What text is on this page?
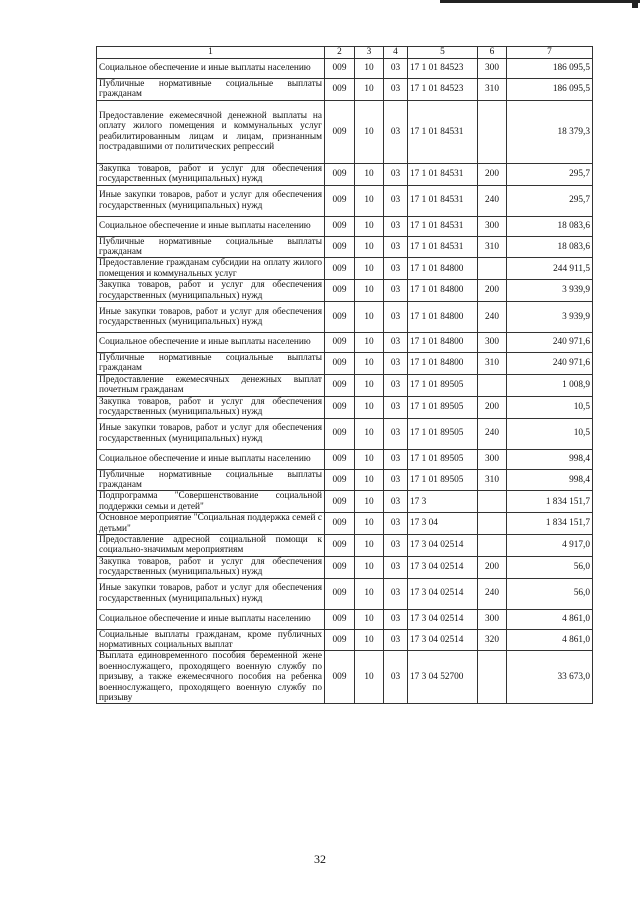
1	2	3	4	5	6	7
Социальное обеспечение и иные выплаты населению	009	10	03	17 1 01 84523	300	186 095,5
Публичные нормативные социальные выплаты гражданам	009	10	03	17 1 01 84523	310	186 095,5
Предоставление ежемесячной денежной выплаты на оплату жилого помещения и коммунальных услуг реабилитированным лицам и лицам, признанным пострадавшими от политических репрессий	009	10	03	17 1 01 84531		18 379,3
Закупка товаров, работ и услуг для обеспечения государственных (муниципальных) нужд	009	10	03	17 1 01 84531	200	295,7
Иные закупки товаров, работ и услуг для обеспечения государственных (муниципальных) нужд	009	10	03	17 1 01 84531	240	295,7
Социальное обеспечение и иные выплаты населению	009	10	03	17 1 01 84531	300	18 083,6
Публичные нормативные социальные выплаты гражданам	009	10	03	17 1 01 84531	310	18 083,6
Предоставление гражданам субсидии на оплату жилого помещения и коммунальных услуг	009	10	03	17 1 01 84800		244 911,5
Закупка товаров, работ и услуг для обеспечения государственных (муниципальных) нужд	009	10	03	17 1 01 84800	200	3 939,9
Иные закупки товаров, работ и услуг для обеспечения государственных (муниципальных) нужд	009	10	03	17 1 01 84800	240	3 939,9
Социальное обеспечение и иные выплаты населению	009	10	03	17 1 01 84800	300	240 971,6
Публичные нормативные социальные выплаты гражданам	009	10	03	17 1 01 84800	310	240 971,6
Предоставление ежемесячных денежных выплат почетным гражданам	009	10	03	17 1 01 89505		1 008,9
Закупка товаров, работ и услуг для обеспечения государственных (муниципальных) нужд	009	10	03	17 1 01 89505	200	10,5
Иные закупки товаров, работ и услуг для обеспечения государственных (муниципальных) нужд	009	10	03	17 1 01 89505	240	10,5
Социальное обеспечение и иные выплаты населению	009	10	03	17 1 01 89505	300	998,4
Публичные нормативные социальные выплаты гражданам	009	10	03	17 1 01 89505	310	998,4
Подпрограмма "Совершенствование социальной поддержки семьи и детей"	009	10	03	17 3		1 834 151,7
Основное мероприятие "Социальная поддержка семей с детьми"	009	10	03	17 3 04		1 834 151,7
Предоставление адресной социальной помощи к социально-значимым мероприятиям	009	10	03	17 3 04 02514		4 917,0
Закупка товаров, работ и услуг для обеспечения государственных (муниципальных) нужд	009	10	03	17 3 04 02514	200	56,0
Иные закупки товаров, работ и услуг для обеспечения государственных (муниципальных) нужд	009	10	03	17 3 04 02514	240	56,0
Социальное обеспечение и иные выплаты населению	009	10	03	17 3 04 02514	300	4 861,0
Социальные выплаты гражданам, кроме публичных нормативных социальных выплат	009	10	03	17 3 04 02514	320	4 861,0
Выплата единовременного пособия беременной жене военнослужащего, проходящего военную службу по призыву, а также ежемесячного пособия на ребенка военнослужащего, проходящего военную службу по призыву	009	10	03	17 3 04 52700		33 673,0
32
